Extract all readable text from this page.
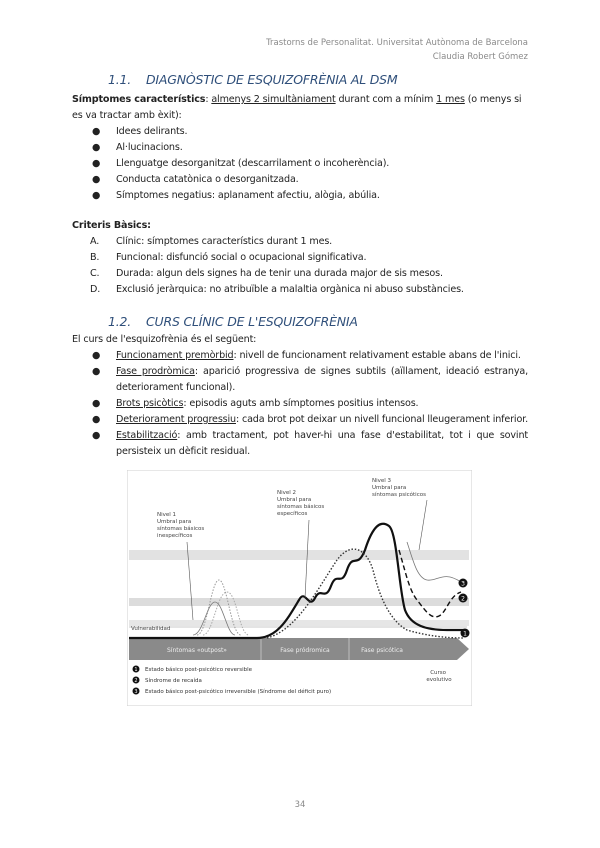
Trastorns de Personalitat. Universitat Autònoma de Barcelona
Claudia Robert Gómez
1.1. DIAGNÒSTIC DE ESQUIZOFRÈNIA AL DSM
Símptomes característics: almenys 2 simultàniament durant com a mínim 1 mes (o menys si es va tractar amb èxit):
● Idees delirants.
● Al·lucinacions.
● Llenguatge desorganitzat (descarrilament o incoherència).
● Conducta catatònica o desorganitzada.
● Símptomes negatius: aplanament afectiu, alògia, abúlia.
Criteris Bàsics:
A. Clínic: símptomes característics durant 1 mes.
B. Funcional: disfunció social o ocupacional significativa.
C. Durada: algun dels signes ha de tenir una durada major de sis mesos.
D. Exclusió jeràrquica: no atribuïble a malaltia orgànica ni abuso substàncies.
1.2. CURS CLÍNIC DE L'ESQUIZOFRÈNIA
El curs de l'esquizofrènia és el següent:
● Funcionament premòrbid: nivell de funcionament relativament estable abans de l'inici.
● Fase prodròmica: aparició progressiva de signes subtils (aïllament, ideació estranya, deteriorament funcional).
● Brots psicòtics: episodis aguts amb símptomes positius intensos.
● Deteriorament progressiu: cada brot pot deixar un nivell funcional lleugerament inferior.
● Estabilització: amb tractament, pot haver-hi una fase d'estabilitat, tot i que sovint persisteix un dèficit residual.
Síntomas «outpost»	Fase pródromica	Fase psicótica
Nivel 1 Umbral para síntomas básicos inespecíficos
Nivel 2 Umbral para síntomas básicos específicos
Nivel 3 Umbral para síntomas psicóticos
Vulnerabilidad
3
2
1
Curso evolutivo
1 Estado básico post-psicótico reversible
2 Síndrome de recaída
3 Estado básico post-psicótico irreversible (Síndrome del déficit puro)
34
